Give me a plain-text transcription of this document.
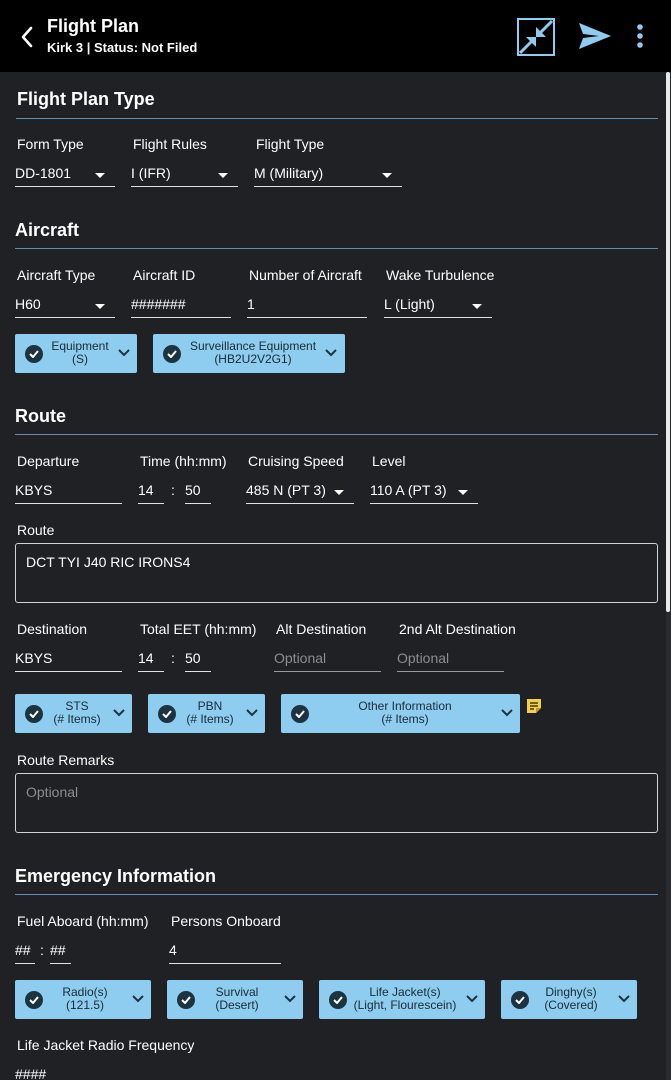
Flight Plan
Kirk 3 | Status: Not Filed
Flight Plan Type
Form Type
DD-1801
Flight Rules
I (IFR)
Flight Type
M (Military)
Aircraft
Aircraft Type
H60
Aircraft ID
#######
Number of Aircraft
1
Wake Turbulence
L (Light)
Equipment
(S)
Surveillance Equipment
(HB2U2V2G1)
Route
Departure
KBYS
Time (hh:mm)
14	: 50
Cruising Speed
485 N (PT 3)
Level
110 A (PT 3)
Route
DCT TYI J40 RIC IRONS4
Destination
KBYS
Total EET (hh:mm)
14	: 50
Alt Destination
Optional
2nd Alt Destination
Optional
STS
(# Items)
PBN
(# Items)
Other Information
(# Items)
Route Remarks
Optional
Emergency Information
Fuel Aboard (hh:mm)
## : ##
Persons Onboard
4
Radio(s)
(121.5)
Survival
(Desert)
Life Jacket(s)
(Light, Flourescein)
Dinghy(s)
(Covered)
Life Jacket Radio Frequency
####
